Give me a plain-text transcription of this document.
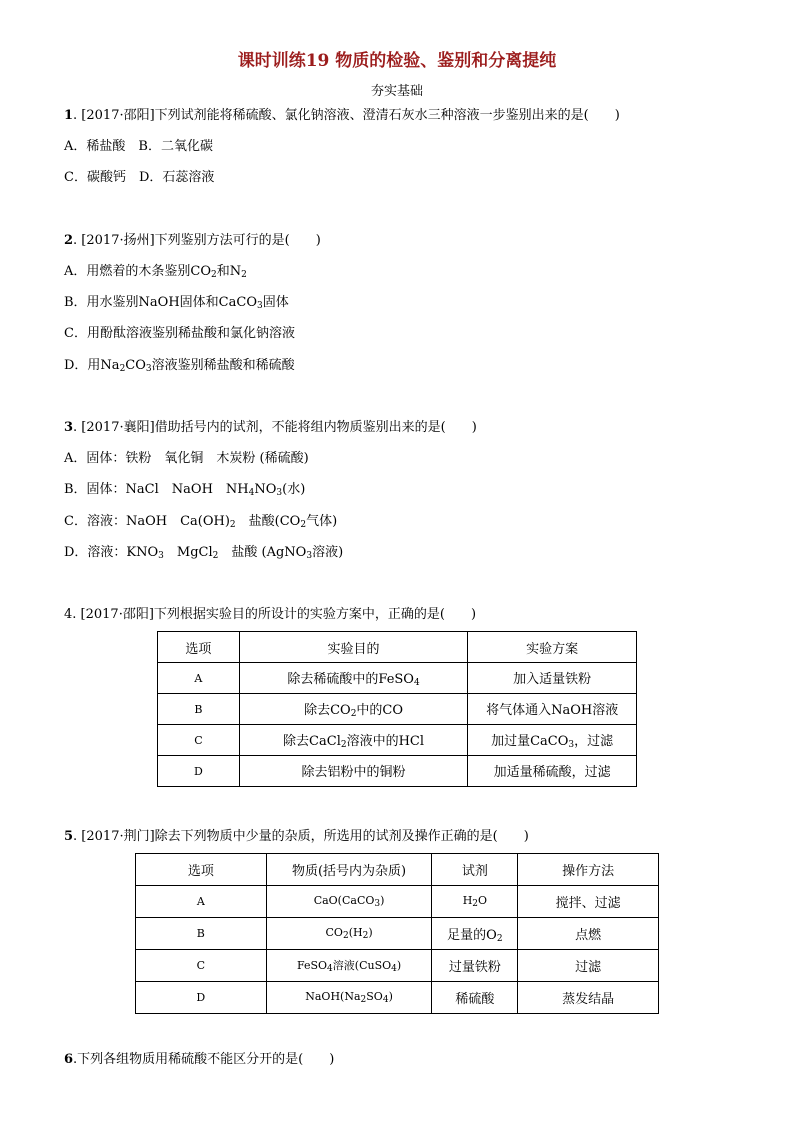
课时训练19 物质的检验、鉴别和分离提纯
夯实基础
1. [2017·邵阳]下列试剂能将稀硫酸、氯化钠溶液、澄清石灰水三种溶液一步鉴别出来的是(　　)
A．稀盐酸　B．二氧化碳
C．碳酸钙　D．石蕊溶液
2. [2017·扬州]下列鉴别方法可行的是(　　)
A．用燃着的木条鉴别$CO_2$和$N_2$
B．用水鉴别NaOH固体和CaCO$_3$固体
C．用酚酞溶液鉴别稀盐酸和氯化钠溶液
D．用$Na_2CO_3$溶液鉴别稀盐酸和稀硫酸
3. [2017·襄阳]借助括号内的试剂，不能将组内物质鉴别出来的是(　　)
A．固体：铁粉　氧化铜　木炭粉 (稀硫酸)
B．固体：NaCl　NaOH　$NH_4NO_3$(水)
C．溶液：NaOH　$Ca(OH)_2$　盐酸($CO_2$气体)
D．溶液：$KNO_3$　MgCl$_2$　盐酸 (AgNO$_3$溶液)
4. [2017·邵阳]下列根据实验目的所设计的实验方案中，正确的是(　　)
选项	实验目的	实验方案
A	除去稀硫酸中的FeSO$_4$	加入适量铁粉
B	除去$CO_2$中的CO	将气体通入NaOH溶液
C	除去CaCl$_2$溶液中的HCl	加过量CaCO$_3$，过滤
D	除去铝粉中的铜粉	加适量稀硫酸，过滤
5. [2017·荆门]除去下列物质中少量的杂质，所选用的试剂及操作正确的是(　　)
选项	物质(括号内为杂质)	试剂	操作方法
A	CaO(CaCO$_3$)	$H_2O$	搅拌、过滤
B	$CO_2(H_2)$	足量的$O_2$	点燃
C	FeSO$_4$溶液(CuSO$_4$)	过量铁粉	过滤
D	$NaOH(Na_2SO_4)$	稀硫酸	蒸发结晶
6.下列各组物质用稀硫酸不能区分开的是(　　)
